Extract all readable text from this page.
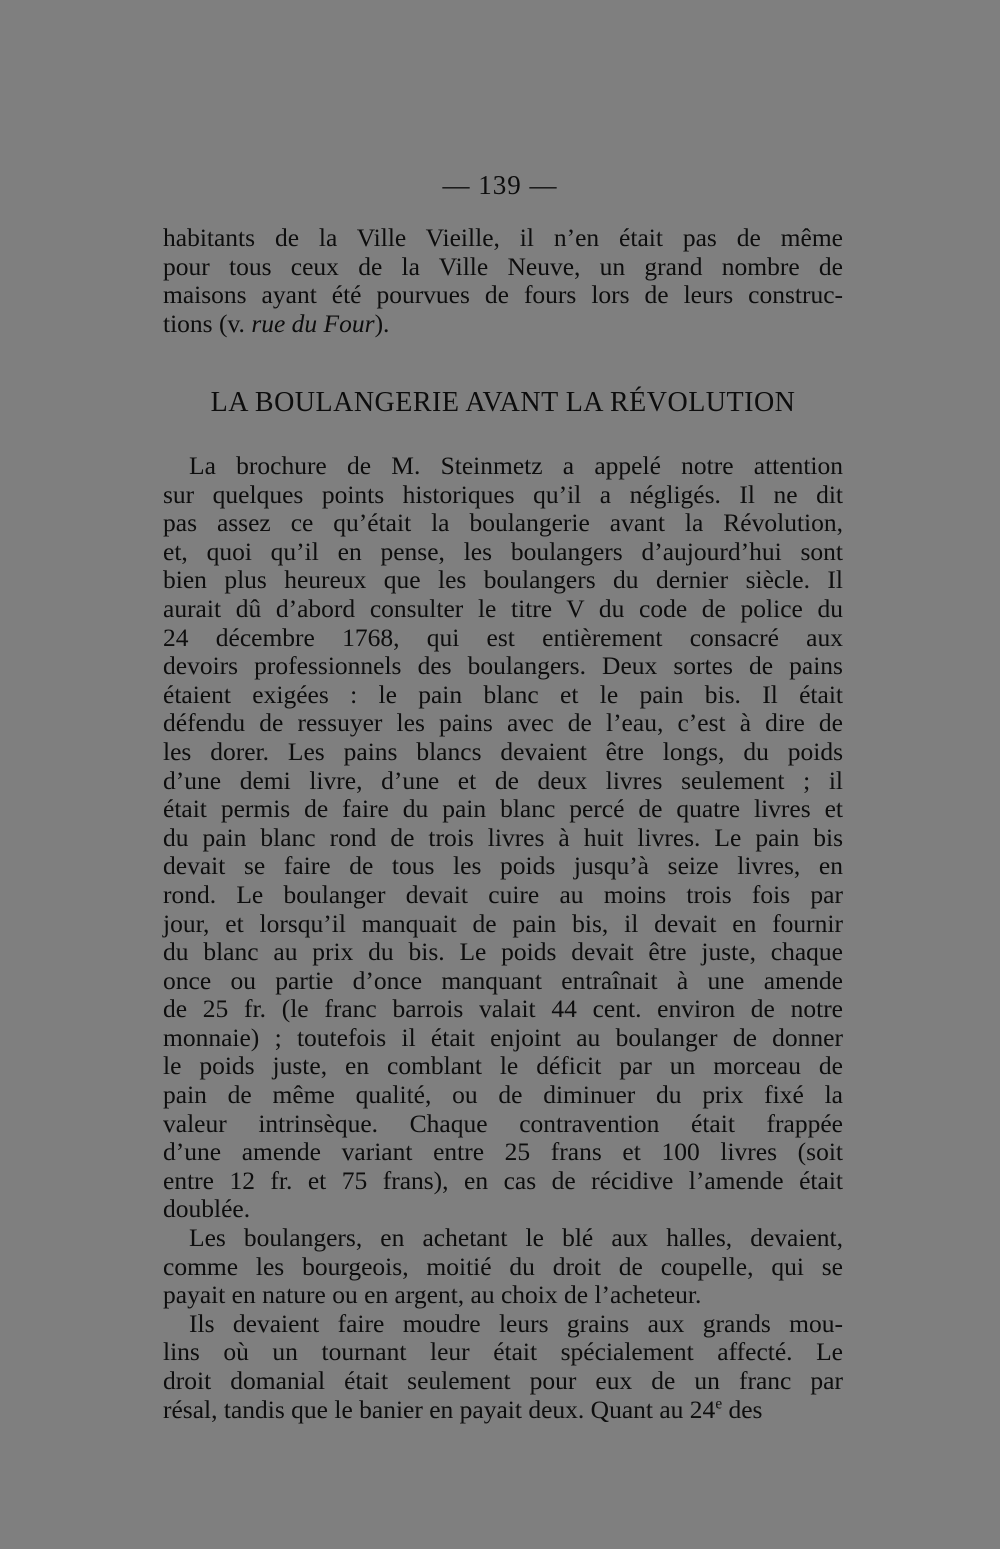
— 139 —
habitants de la Ville Vieille, il n’en était pas de même
pour tous ceux de la Ville Neuve, un grand nombre de
maisons ayant été pourvues de fours lors de leurs construc-
tions (v. rue du Four).
LA BOULANGERIE AVANT LA RÉVOLUTION
La brochure de M. Steinmetz a appelé notre attention
sur quelques points historiques qu’il a négligés. Il ne dit
pas assez ce qu’était la boulangerie avant la Révolution,
et, quoi qu’il en pense, les boulangers d’aujourd’hui sont
bien plus heureux que les boulangers du dernier siècle. Il
aurait dû d’abord consulter le titre V du code de police du
24 décembre 1768, qui est entièrement consacré aux
devoirs professionnels des boulangers. Deux sortes de pains
étaient exigées : le pain blanc et le pain bis. Il était
défendu de ressuyer les pains avec de l’eau, c’est à dire de
les dorer. Les pains blancs devaient être longs, du poids
d’une demi livre, d’une et de deux livres seulement ; il
était permis de faire du pain blanc percé de quatre livres et
du pain blanc rond de trois livres à huit livres. Le pain bis
devait se faire de tous les poids jusqu’à seize livres, en
rond. Le boulanger devait cuire au moins trois fois par
jour, et lorsqu’il manquait de pain bis, il devait en fournir
du blanc au prix du bis. Le poids devait être juste, chaque
once ou partie d’once manquant entraînait à une amende
de 25 fr. (le franc barrois valait 44 cent. environ de notre
monnaie) ; toutefois il était enjoint au boulanger de donner
le poids juste, en comblant le déficit par un morceau de
pain de même qualité, ou de diminuer du prix fixé la
valeur intrinsèque. Chaque contravention était frappée
d’une amende variant entre 25 frans et 100 livres (soit
entre 12 fr. et 75 frans), en cas de récidive l’amende était
doublée.
Les boulangers, en achetant le blé aux halles, devaient,
comme les bourgeois, moitié du droit de coupelle, qui se
payait en nature ou en argent, au choix de l’acheteur.
Ils devaient faire moudre leurs grains aux grands mou-
lins où un tournant leur était spécialement affecté. Le
droit domanial était seulement pour eux de un franc par
résal, tandis que le banier en payait deux. Quant au 24e des
